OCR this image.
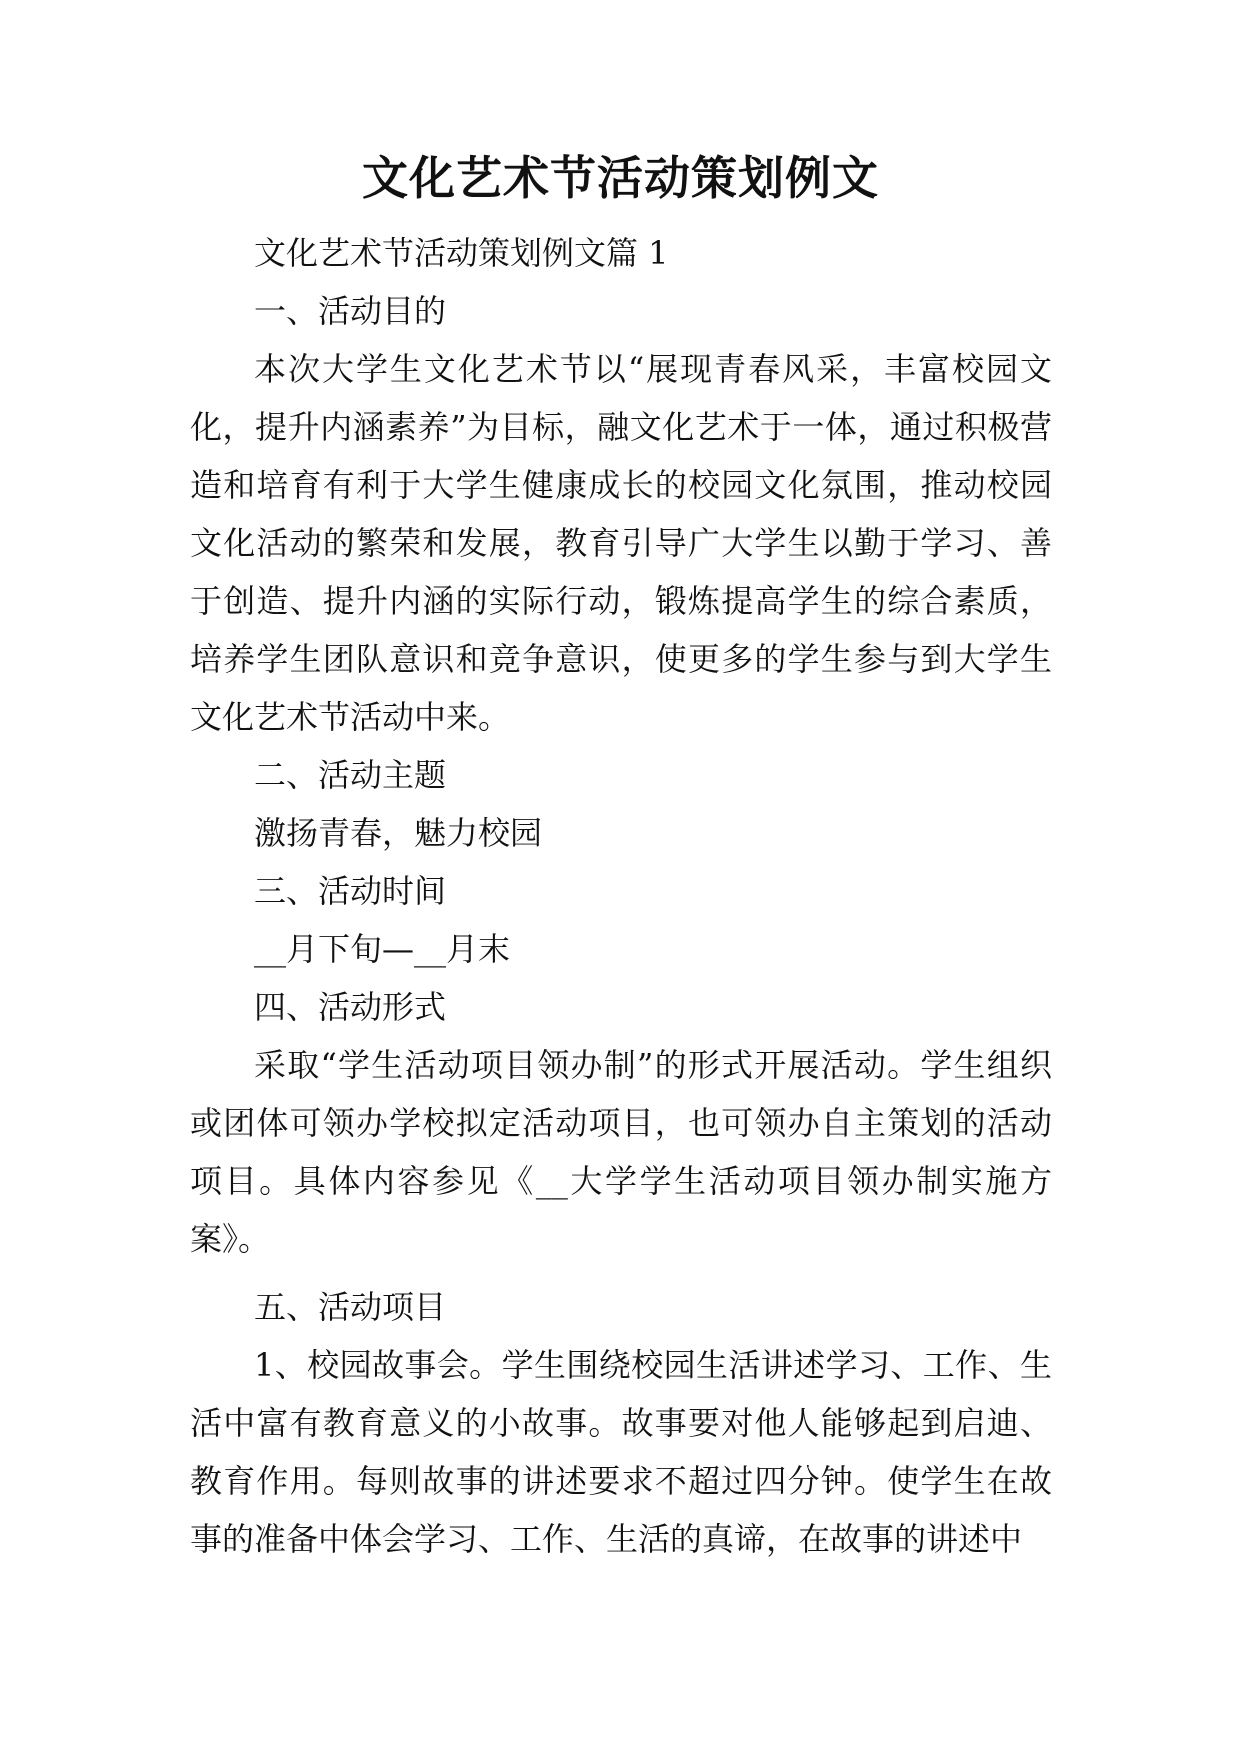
文化艺术节活动策划例文

文化艺术节活动策划例文篇 1

一、活动目的

本次大学生文化艺术节以“展现青春风采，丰富校园文化，提升内涵素养”为目标，融文化艺术于一体，通过积极营造和培育有利于大学生健康成长的校园文化氛围，推动校园文化活动的繁荣和发展，教育引导广大学生以勤于学习、善于创造、提升内涵的实际行动，锻炼提高学生的综合素质，培养学生团队意识和竞争意识，使更多的学生参与到大学生文化艺术节活动中来。

二、活动主题

激扬青春，魅力校园

三、活动时间

__月下旬—__月末

四、活动形式

采取“学生活动项目领办制”的形式开展活动。学生组织或团体可领办学校拟定活动项目，也可领办自主策划的活动项目。具体内容参见《__大学学生活动项目领办制实施方案》。

五、活动项目

1、校园故事会。学生围绕校园生活讲述学习、工作、生活中富有教育意义的小故事。故事要对他人能够起到启迪、教育作用。每则故事的讲述要求不超过四分钟。使学生在故事的准备中体会学习、工作、生活的真谛，在故事的讲述中
